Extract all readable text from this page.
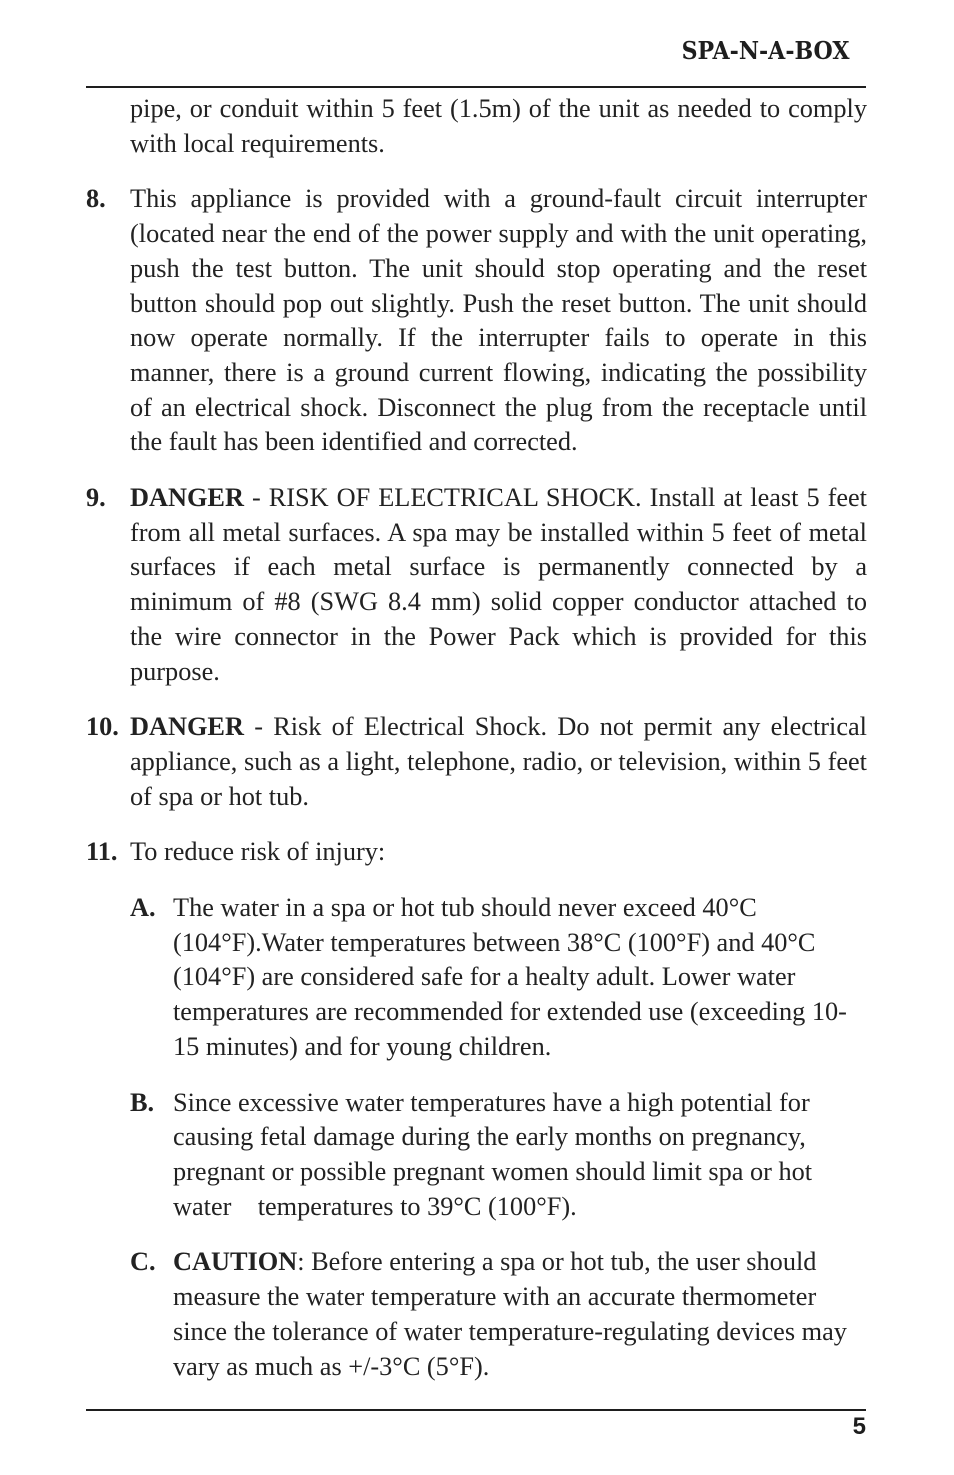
SPA-N-A-BOX

pipe, or conduit within 5 feet (1.5m) of the unit as needed to comply with local requirements.

8. This appliance is provided with a ground-fault circuit interrupter (located near the end of the power supply and with the unit operating, push the test button. The unit should stop operating and the reset button should pop out slightly. Push the reset button. The unit should now operate normally. If the interrupter fails to operate in this manner, there is a ground current flowing, indicating the possibility of an electrical shock. Disconnect the plug from the receptacle until the fault has been identified and corrected.

9. DANGER - RISK OF ELECTRICAL SHOCK. Install at least 5 feet from all metal surfaces. A spa may be installed within 5 feet of metal surfaces if each metal surface is permanently connected by a minimum of #8 (SWG 8.4 mm) solid copper conductor attached to the wire connector in the Power Pack which is provided for this purpose.

10. DANGER - Risk of Electrical Shock. Do not permit any electrical appliance, such as a light, telephone, radio, or television, within 5 feet of spa or hot tub.

11. To reduce risk of injury:

A. The water in a spa or hot tub should never exceed 40°C (104°F).Water temperatures between 38°C (100°F) and 40°C (104°F) are considered safe for a healty adult. Lower water temperatures are recommended for extended use (exceeding 10-15 minutes) and for young children.

B. Since excessive water temperatures have a high potential for causing fetal damage during the early months on pregnancy, pregnant or possible pregnant women should limit spa or hot water    temperatures to 39°C (100°F).

C. CAUTION: Before entering a spa or hot tub, the user should measure the water temperature with an accurate thermometer since the tolerance of water temperature-regulating devices may vary as much as +/-3°C (5°F).

5
